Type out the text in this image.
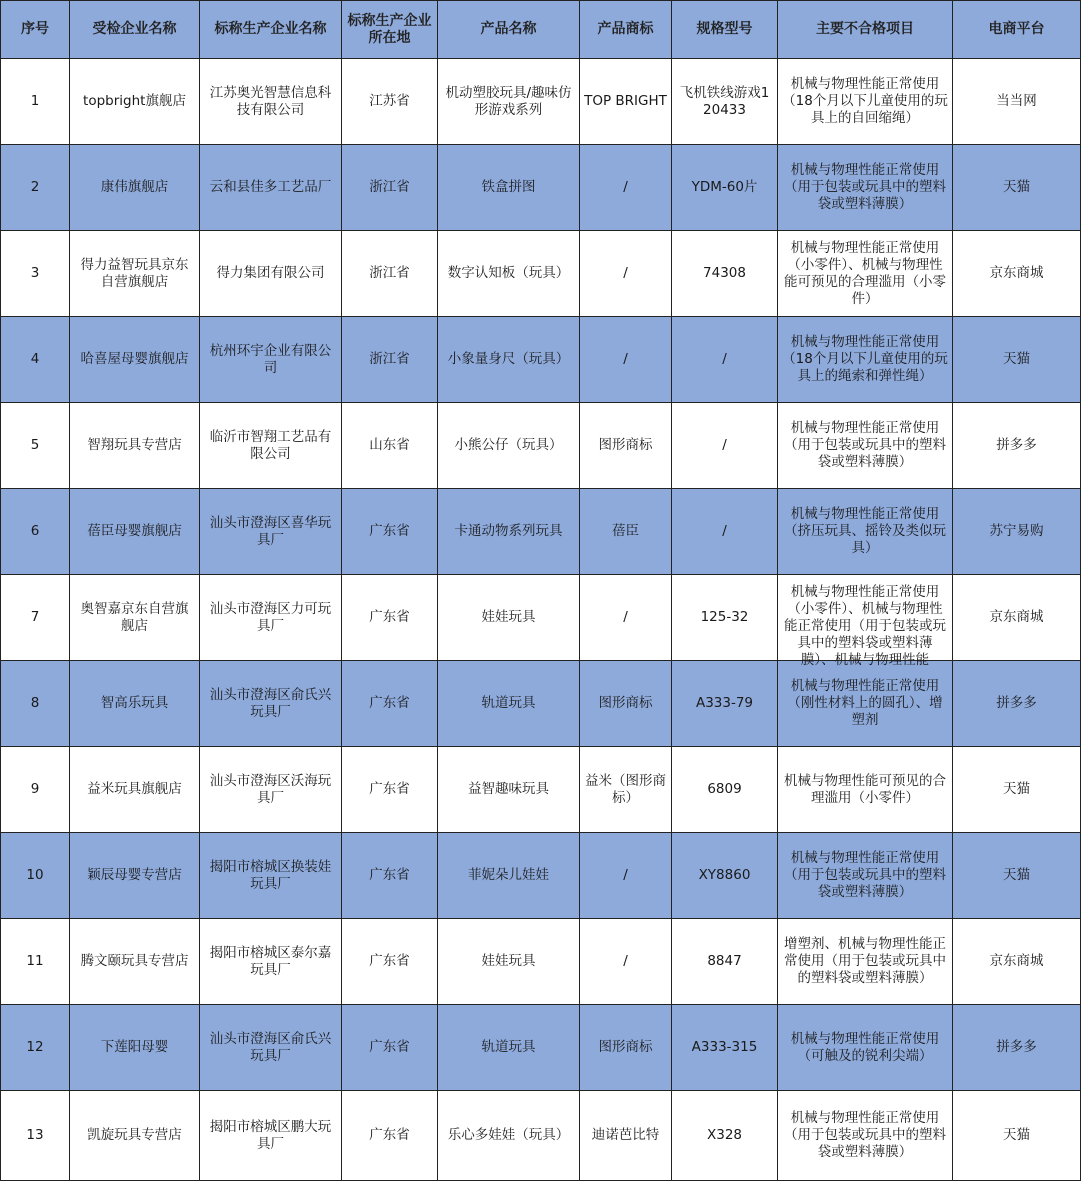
序号	受检企业名称	标称生产企业名称	标称生产企业所在地	产品名称	产品商标	规格型号	主要不合格项目	电商平台

1	topbright旗舰店	江苏奥光智慧信息科技有限公司	江苏省	机动塑胶玩具/趣味仿形游戏系列	TOP BRIGHT	飞机铁线游戏120433	机械与物理性能正常使用（18个月以下儿童使用的玩具上的自回缩绳）	当当网

2	康伟旗舰店	云和县佳多工艺品厂	浙江省	铁盒拼图	/	YDM-60片	机械与物理性能正常使用（用于包装或玩具中的塑料袋或塑料薄膜）	天猫

3	得力益智玩具京东自营旗舰店	得力集团有限公司	浙江省	数字认知板（玩具）	/	74308	机械与物理性能正常使用（小零件）、机械与物理性能可预见的合理滥用（小零件）	京东商城

4	哈喜屋母婴旗舰店	杭州环宇企业有限公司	浙江省	小象量身尺（玩具）	/	/	机械与物理性能正常使用（18个月以下儿童使用的玩具上的绳索和弹性绳）	天猫

5	智翔玩具专营店	临沂市智翔工艺品有限公司	山东省	小熊公仔（玩具）	图形商标	/	机械与物理性能正常使用（用于包装或玩具中的塑料袋或塑料薄膜）	拼多多

6	蓓臣母婴旗舰店	汕头市澄海区喜华玩具厂	广东省	卡通动物系列玩具	蓓臣	/	机械与物理性能正常使用（挤压玩具、摇铃及类似玩具）	苏宁易购

7	奥智嘉京东自营旗舰店	汕头市澄海区力可玩具厂	广东省	娃娃玩具	/	125-32	机械与物理性能正常使用（小零件）、机械与物理性能正常使用（用于包装或玩具中的塑料袋或塑料薄膜）、机械与物理性能	京东商城

8	智高乐玩具	汕头市澄海区俞氏兴玩具厂	广东省	轨道玩具	图形商标	A333-79	机械与物理性能正常使用（刚性材料上的圆孔）、增塑剂	拼多多

9	益米玩具旗舰店	汕头市澄海区沃海玩具厂	广东省	益智趣味玩具	益米（图形商标）	6809	机械与物理性能可预见的合理滥用（小零件）	天猫

10	颖辰母婴专营店	揭阳市榕城区换装娃玩具厂	广东省	菲妮朵儿娃娃	/	XY8860	机械与物理性能正常使用（用于包装或玩具中的塑料袋或塑料薄膜）	天猫

11	腾文颐玩具专营店	揭阳市榕城区泰尔嘉玩具厂	广东省	娃娃玩具	/	8847	增塑剂、机械与物理性能正常使用（用于包装或玩具中的塑料袋或塑料薄膜）	京东商城

12	下莲阳母婴	汕头市澄海区俞氏兴玩具厂	广东省	轨道玩具	图形商标	A333-315	机械与物理性能正常使用（可触及的锐利尖端）	拼多多

13	凯旋玩具专营店	揭阳市榕城区鹏大玩具厂	广东省	乐心多娃娃（玩具）	迪诺芭比特	X328	机械与物理性能正常使用（用于包装或玩具中的塑料袋或塑料薄膜）	天猫
